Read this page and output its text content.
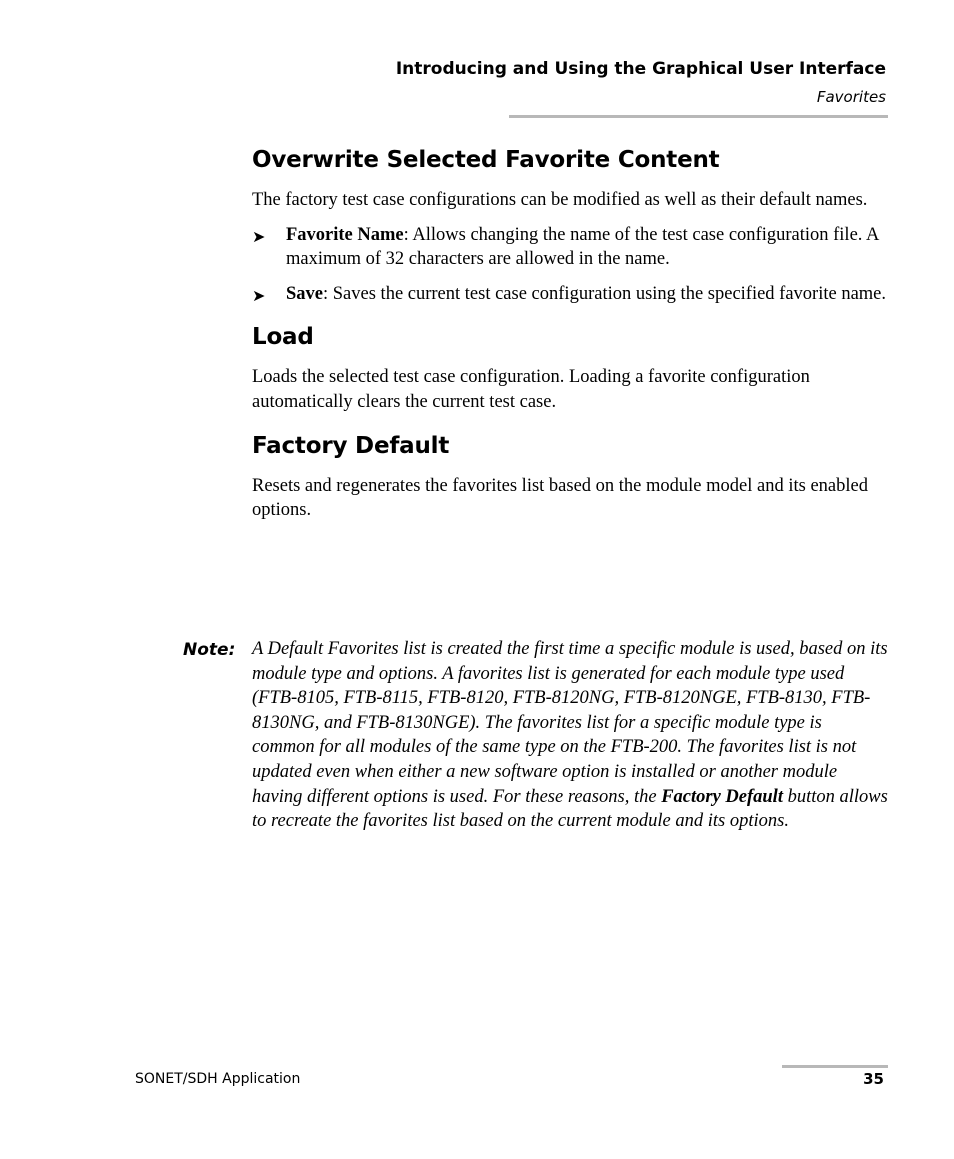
Introducing and Using the Graphical User Interface
Favorites
Overwrite Selected Favorite Content

The factory test case configurations can be modified as well as their default names.

➤ Favorite Name: Allows changing the name of the test case configuration file. A maximum of 32 characters are allowed in the name.
➤ Save: Saves the current test case configuration using the specified favorite name.
Load

Loads the selected test case configuration. Loading a favorite configuration automatically clears the current test case.

Factory Default

Resets and regenerates the favorites list based on the module model and its enabled options.

Note: A Default Favorites list is created the first time a specific module is used, based on its module type and options. A favorites list is generated for each module type used (FTB-8105, FTB-8115, FTB-8120, FTB-8120NG, FTB-8120NGE, FTB-8130, FTB-8130NG, and FTB-8130NGE). The favorites list for a specific module type is common for all modules of the same type on the FTB-200. The favorites list is not updated even when either a new software option is installed or another module having different options is used. For these reasons, the Factory Default button allows to recreate the favorites list based on the current module and its options.
SONET/SDH Application	35
